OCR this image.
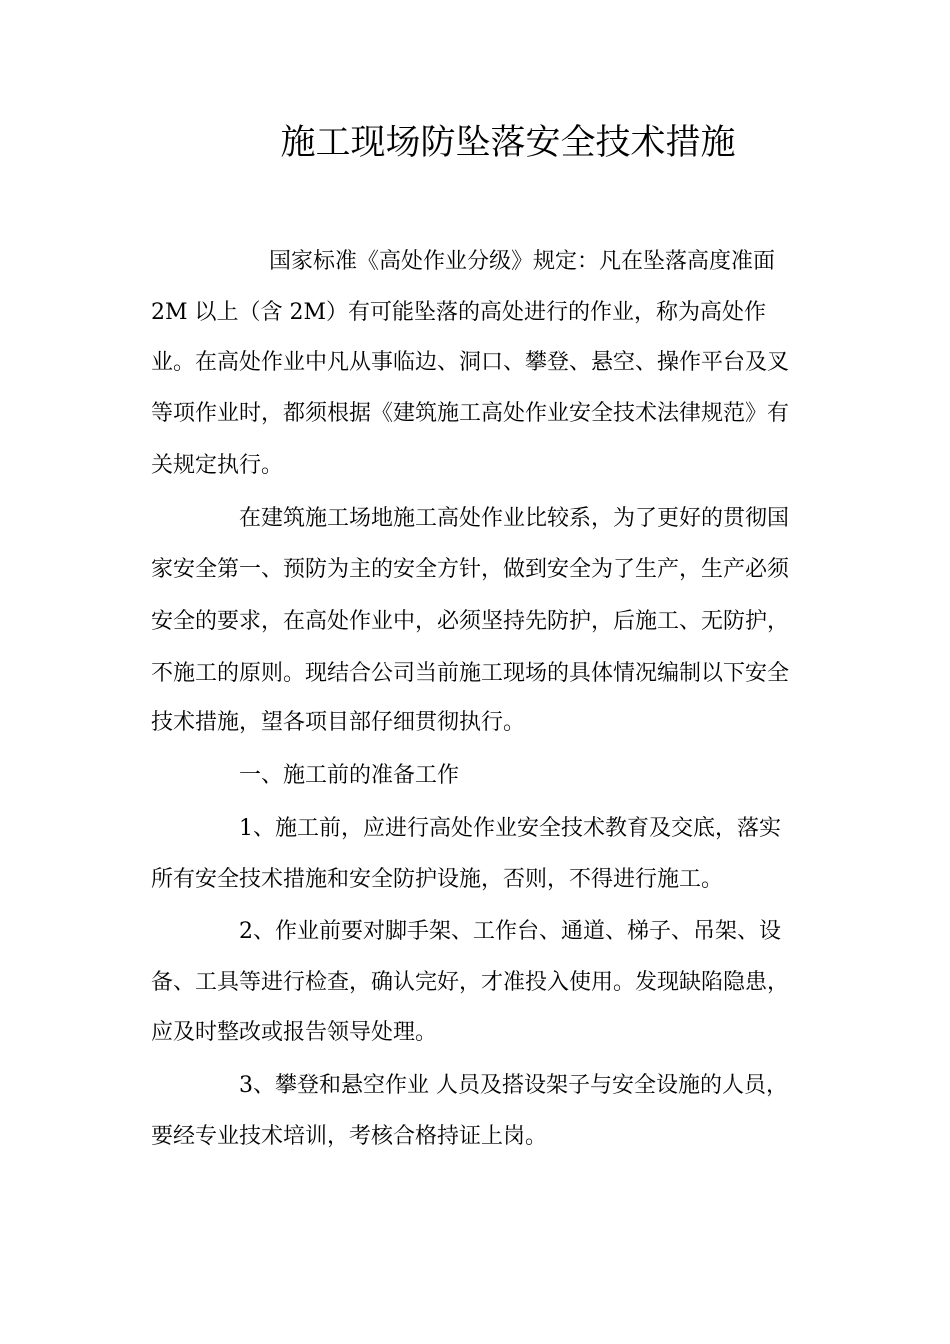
施工现场防坠落安全技术措施
国家标准《高处作业分级》规定：凡在坠落高度准面
2M 以上（含 2M）有可能坠落的高处进行的作业，称为高处作
业。在高处作业中凡从事临边、洞口、攀登、悬空、操作平台及叉
等项作业时，都须根据《建筑施工高处作业安全技术法律规范》有
关规定执行。
在建筑施工场地施工高处作业比较系，为了更好的贯彻国
家安全第一、预防为主的安全方针，做到安全为了生产，生产必须
安全的要求，在高处作业中，必须坚持先防护，后施工、无防护，
不施工的原则。现结合公司当前施工现场的具体情况编制以下安全
技术措施，望各项目部仔细贯彻执行。
一、施工前的准备工作
1、施工前，应进行高处作业安全技术教育及交底，落实
所有安全技术措施和安全防护设施，否则，不得进行施工。
2、作业前要对脚手架、工作台、通道、梯子、吊架、设
备、工具等进行检查，确认完好，才准投入使用。发现缺陷隐患，
应及时整改或报告领导处理。
3、攀登和悬空作业 人员及搭设架子与安全设施的人员，
要经专业技术培训，考核合格持证上岗。
